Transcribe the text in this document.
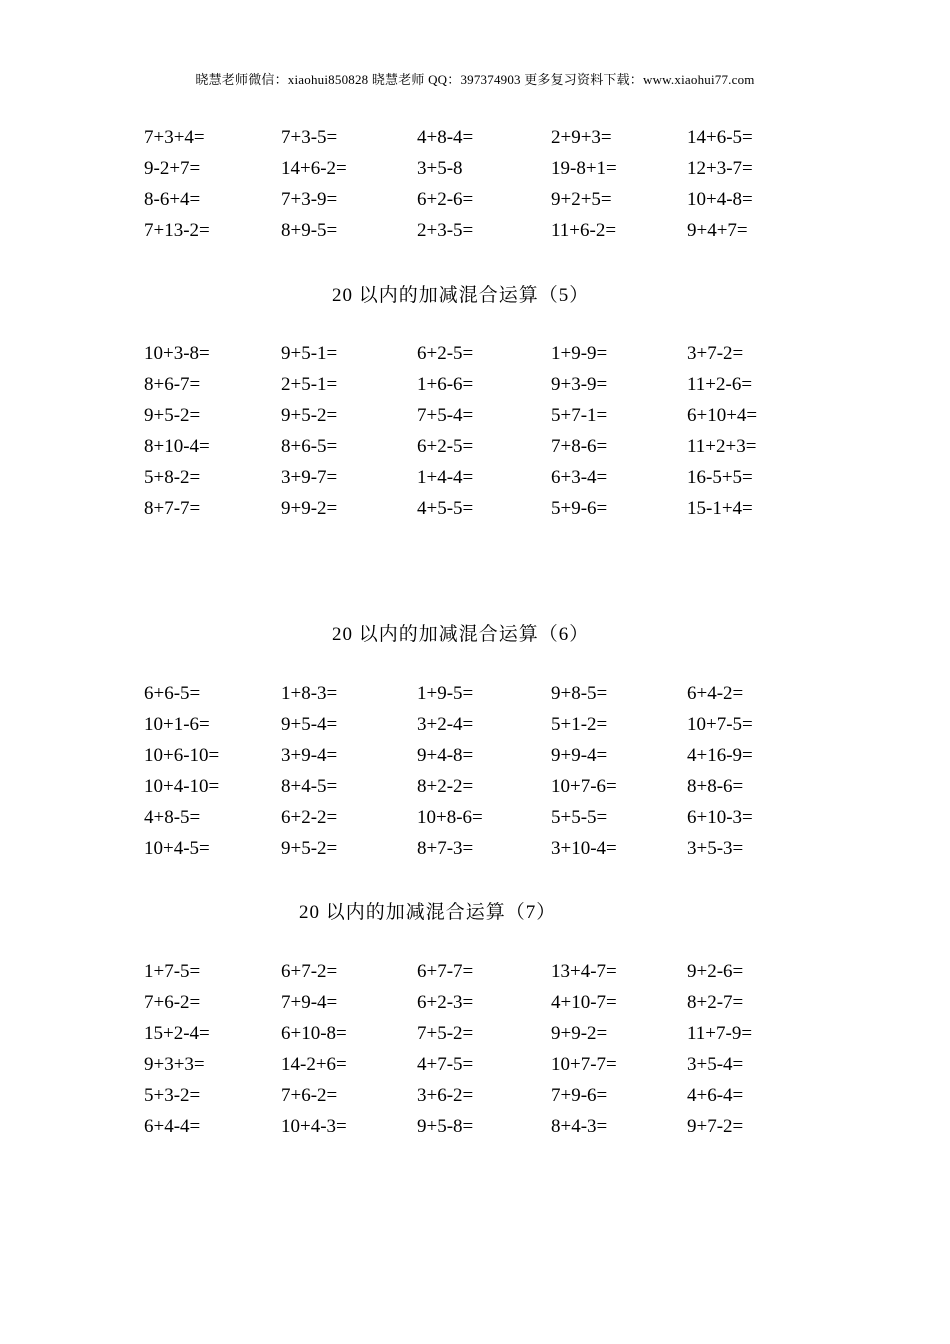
晓慧老师微信：xiaohui850828 晓慧老师 QQ：397374903 更多复习资料下载：www.xiaohui77.com
7+3+4=	7+3-5=	4+8-4=	2+9+3=	14+6-5=
9-2+7=	14+6-2=	3+5-8	19-8+1=	12+3-7=
8-6+4=	7+3-9=	6+2-6=	9+2+5=	10+4-8=
7+13-2=	8+9-5=	2+3-5=	11+6-2=	9+4+7=
20 以内的加减混合运算（5）
10+3-8=	9+5-1=	6+2-5=	1+9-9=	3+7-2=
8+6-7=	2+5-1=	1+6-6=	9+3-9=	11+2-6=
9+5-2=	9+5-2=	7+5-4=	5+7-1=	6+10+4=
8+10-4=	8+6-5=	6+2-5=	7+8-6=	11+2+3=
5+8-2=	3+9-7=	1+4-4=	6+3-4=	16-5+5=
8+7-7=	9+9-2=	4+5-5=	5+9-6=	15-1+4=
20 以内的加减混合运算（6）
6+6-5=	1+8-3=	1+9-5=	9+8-5=	6+4-2=
10+1-6=	9+5-4=	3+2-4=	5+1-2=	10+7-5=
10+6-10=	3+9-4=	9+4-8=	9+9-4=	4+16-9=
10+4-10=	8+4-5=	8+2-2=	10+7-6=	8+8-6=
4+8-5=	6+2-2=	10+8-6=	5+5-5=	6+10-3=
10+4-5=	9+5-2=	8+7-3=	3+10-4=	3+5-3=
20 以内的加减混合运算（7）
1+7-5=	6+7-2=	6+7-7=	13+4-7=	9+2-6=
7+6-2=	7+9-4=	6+2-3=	4+10-7=	8+2-7=
15+2-4=	6+10-8=	7+5-2=	9+9-2=	11+7-9=
9+3+3=	14-2+6=	4+7-5=	10+7-7=	3+5-4=
5+3-2=	7+6-2=	3+6-2=	7+9-6=	4+6-4=
6+4-4=	10+4-3=	9+5-8=	8+4-3=	9+7-2=
